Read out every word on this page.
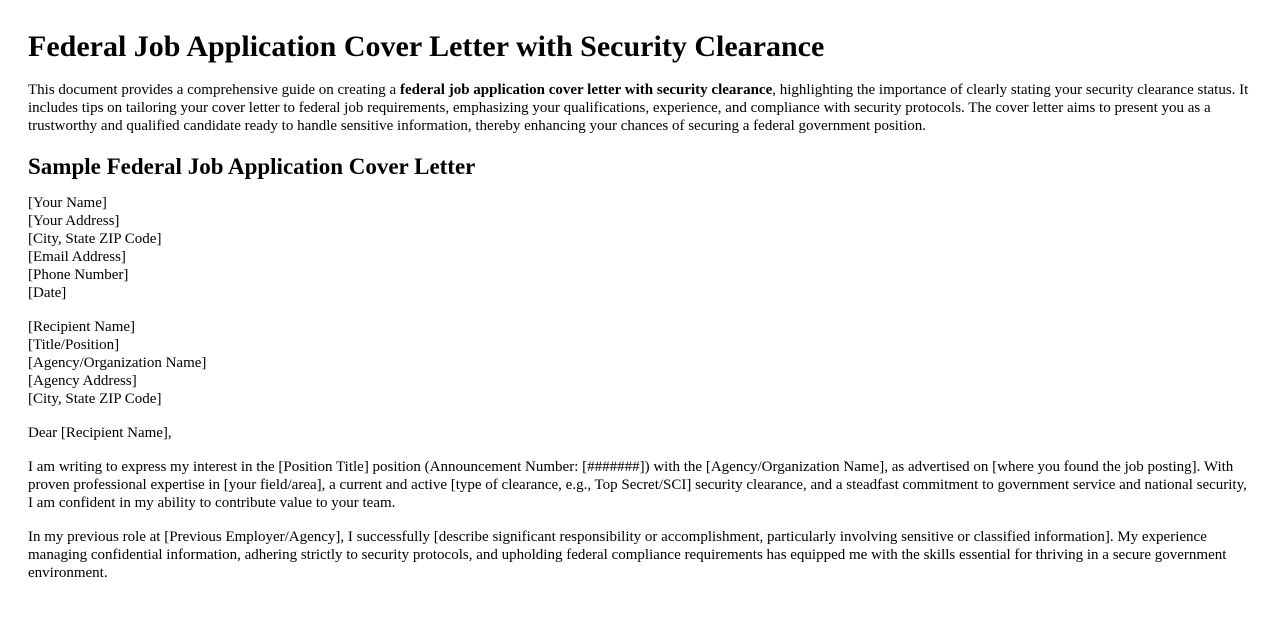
Federal Job Application Cover Letter with Security Clearance

This document provides a comprehensive guide on creating a federal job application cover letter with security clearance, highlighting the importance of clearly stating your security clearance status. It includes tips on tailoring your cover letter to federal job requirements, emphasizing your qualifications, experience, and compliance with security protocols. The cover letter aims to present you as a trustworthy and qualified candidate ready to handle sensitive information, thereby enhancing your chances of securing a federal government position.

Sample Federal Job Application Cover Letter
[Your Name]
[Your Address]
[City, State ZIP Code]
[Email Address]
[Phone Number]
[Date]
[Recipient Name]
[Title/Position]
[Agency/Organization Name]
[Agency Address]
[City, State ZIP Code]

Dear [Recipient Name],

I am writing to express my interest in the [Position Title] position (Announcement Number: [#######]) with the [Agency/Organization Name], as advertised on [where you found the job posting]. With proven professional expertise in [your field/area], a current and active [type of clearance, e.g., Top Secret/SCI] security clearance, and a steadfast commitment to government service and national security, I am confident in my ability to contribute value to your team.

In my previous role at [Previous Employer/Agency], I successfully [describe significant responsibility or accomplishment, particularly involving sensitive or classified information]. My experience managing confidential information, adhering strictly to security protocols, and upholding federal compliance requirements has equipped me with the skills essential for thriving in a secure government environment.
